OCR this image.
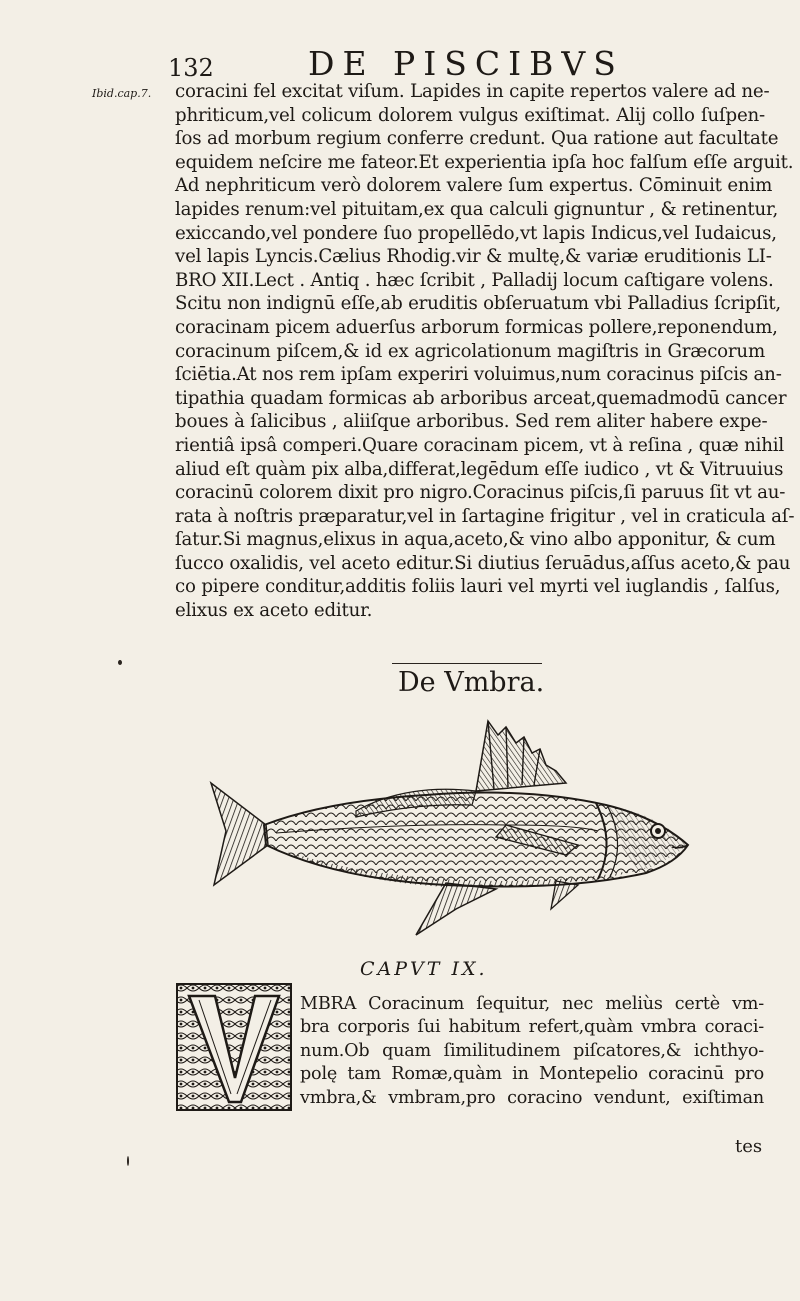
132	DE PISCIBVS
Ibid.cap.7. coracini fel excitat viſum. Lapides in capite repertos valere ad ne-
phriticum,vel colicum dolorem vulgus exiſtimat. Alij collo ſuſpen-
ſos ad morbum regium conferre credunt. Qua ratione aut facultate
equidem neſcire me fateor.Et experientia ipſa hoc falſum eſſe arguit.
Ad nephriticum verò dolorem valere ſum expertus. Cōminuit enim
lapides renum:vel pituitam,ex qua calculi gignuntur , & retinentur,
exiccando,vel pondere ſuo propellēdo,vt lapis Indicus,vel Iudaicus,
vel lapis Lyncis.Cælius Rhodig.vir & multę,& variæ eruditionis LI-
BRO XII.Lect . Antiq . hæc ſcribit , Palladij locum caſtigare volens.
Scitu non indignū eſſe,ab eruditis obſeruatum vbi Palladius ſcripſit,
coracinam picem aduerſus arborum formicas pollere,reponendum,
coracinum piſcem,& id ex agricolationum magiſtris in Græcorum
ſciētia.At nos rem ipſam experiri voluimus,num coracinus piſcis an-
tipathia quadam formicas ab arboribus arceat,quemadmodū cancer
boues à ſalicibus , aliiſque arboribus. Sed rem aliter habere expe-
rientiâ ipsâ comperi.Quare coracinam picem, vt à reſina , quæ nihil
aliud eſt quàm pix alba,differat,legēdum eſſe iudico , vt & Vitruuius
coracinū colorem dixit pro nigro.Coracinus piſcis,ſi paruus ſit vt au-
rata à noſtris præparatur,vel in ſartagine frigitur , vel in craticula aſ-
ſatur.Si magnus,elixus in aqua,aceto,& vino albo apponitur, & cum
ſucco oxalidis, vel aceto editur.Si diutius ſeruādus,aſſus aceto,& pau
co pipere conditur,additis foliis lauri vel myrti vel iuglandis , ſalſus,
elixus ex aceto editur.
De Vmbra.
CAPVT IX.
MBRA Coracinum ſequitur, nec meliùs certè vm-
bra corporis ſui habitum refert,quàm vmbra coraci-
num.Ob quam ſimilitudinem piſcatores,& ichthyo-
polę tam Romæ,quàm in Montepelio coracinū pro
vmbra,& vmbram,pro coracino vendunt, exiſtiman
tes
